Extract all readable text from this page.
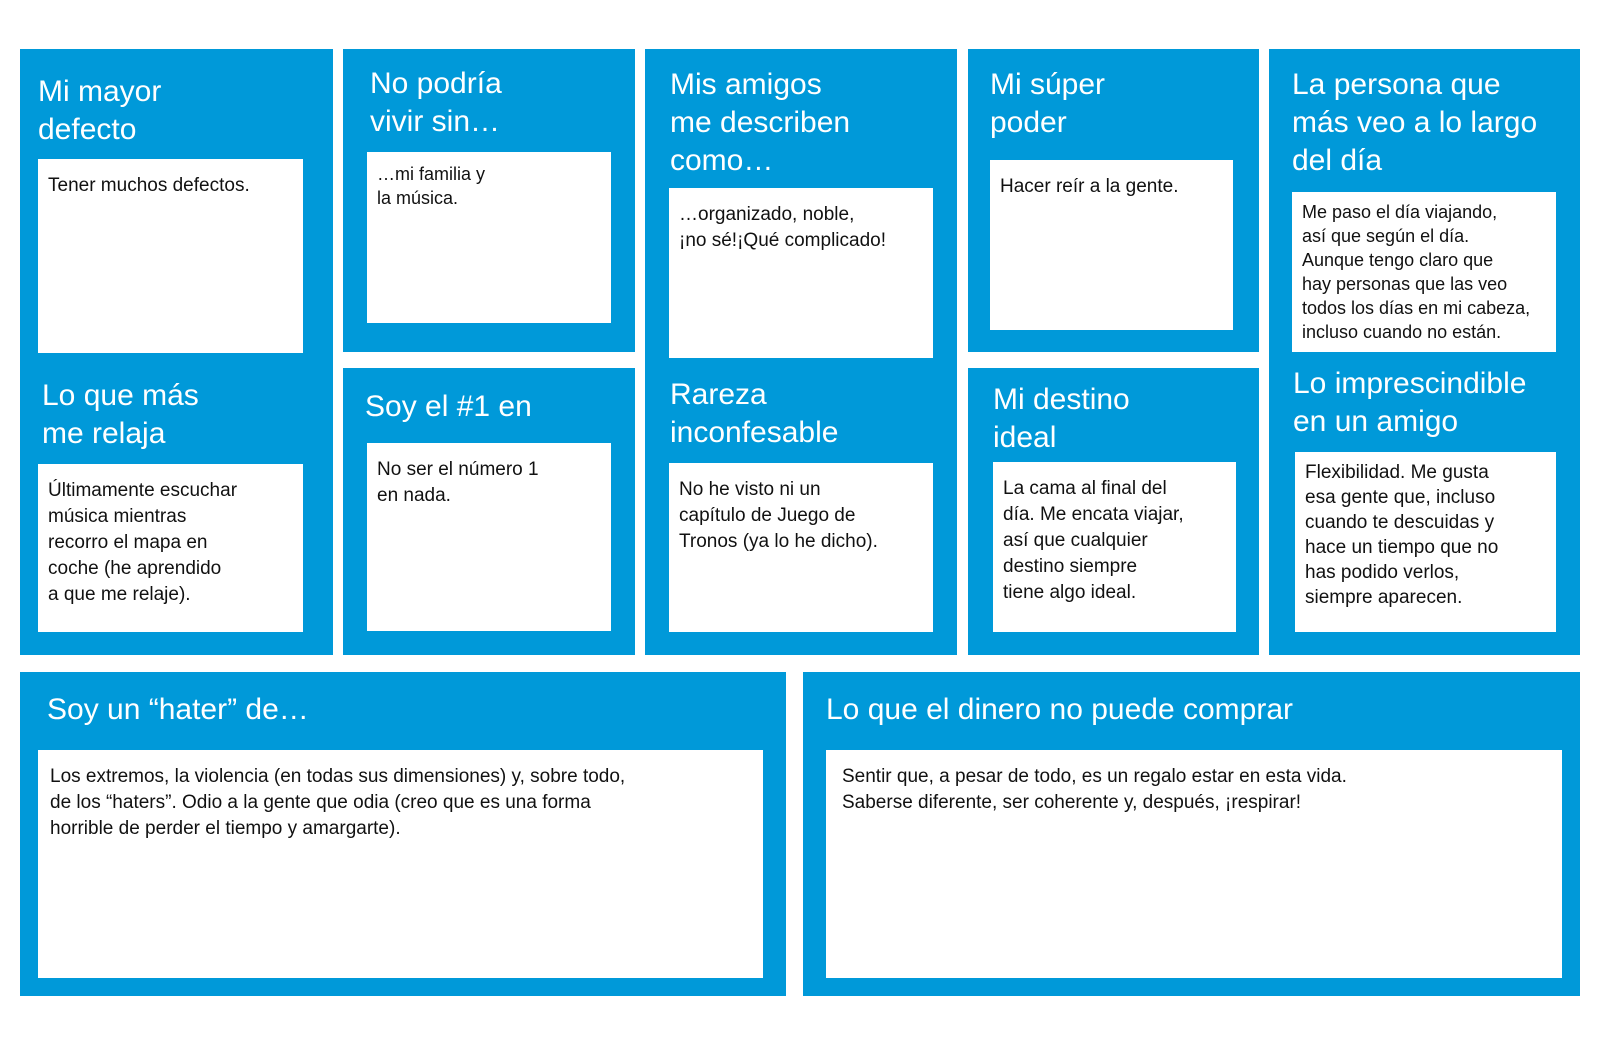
Mi mayor
defecto
Tener muchos defectos.
Lo que más
me relaja
Últimamente escuchar
música mientras
recorro el mapa en
coche (he aprendido
a que me relaje).
No podría
vivir sin…
…mi familia y
la música.
Soy el #1 en
No ser el número 1
en nada.
Mis amigos
me describen
como…
…organizado, noble,
¡no sé!¡Qué complicado!
Rareza
inconfesable
No he visto ni un
capítulo de Juego de
Tronos (ya lo he dicho).
Mi súper
poder
Hacer reír a la gente.
Mi destino
ideal
La cama al final del
día. Me encata viajar,
así que cualquier
destino siempre
tiene algo ideal.
La persona que
más veo a lo largo
del día
Me paso el día viajando,
así que según el día.
Aunque tengo claro que
hay personas que las veo
todos los días en mi cabeza,
incluso cuando no están.
Lo imprescindible
en un amigo
Flexibilidad. Me gusta
esa gente que, incluso
cuando te descuidas y
hace un tiempo que no
has podido verlos,
siempre aparecen.
Soy un “hater” de…
Los extremos, la violencia (en todas sus dimensiones) y, sobre todo,
de los “haters”. Odio a la gente que odia (creo que es una forma
horrible de perder el tiempo y amargarte).
Lo que el dinero no puede comprar
Sentir que, a pesar de todo, es un regalo estar en esta vida.
Saberse diferente, ser coherente y, después, ¡respirar!
